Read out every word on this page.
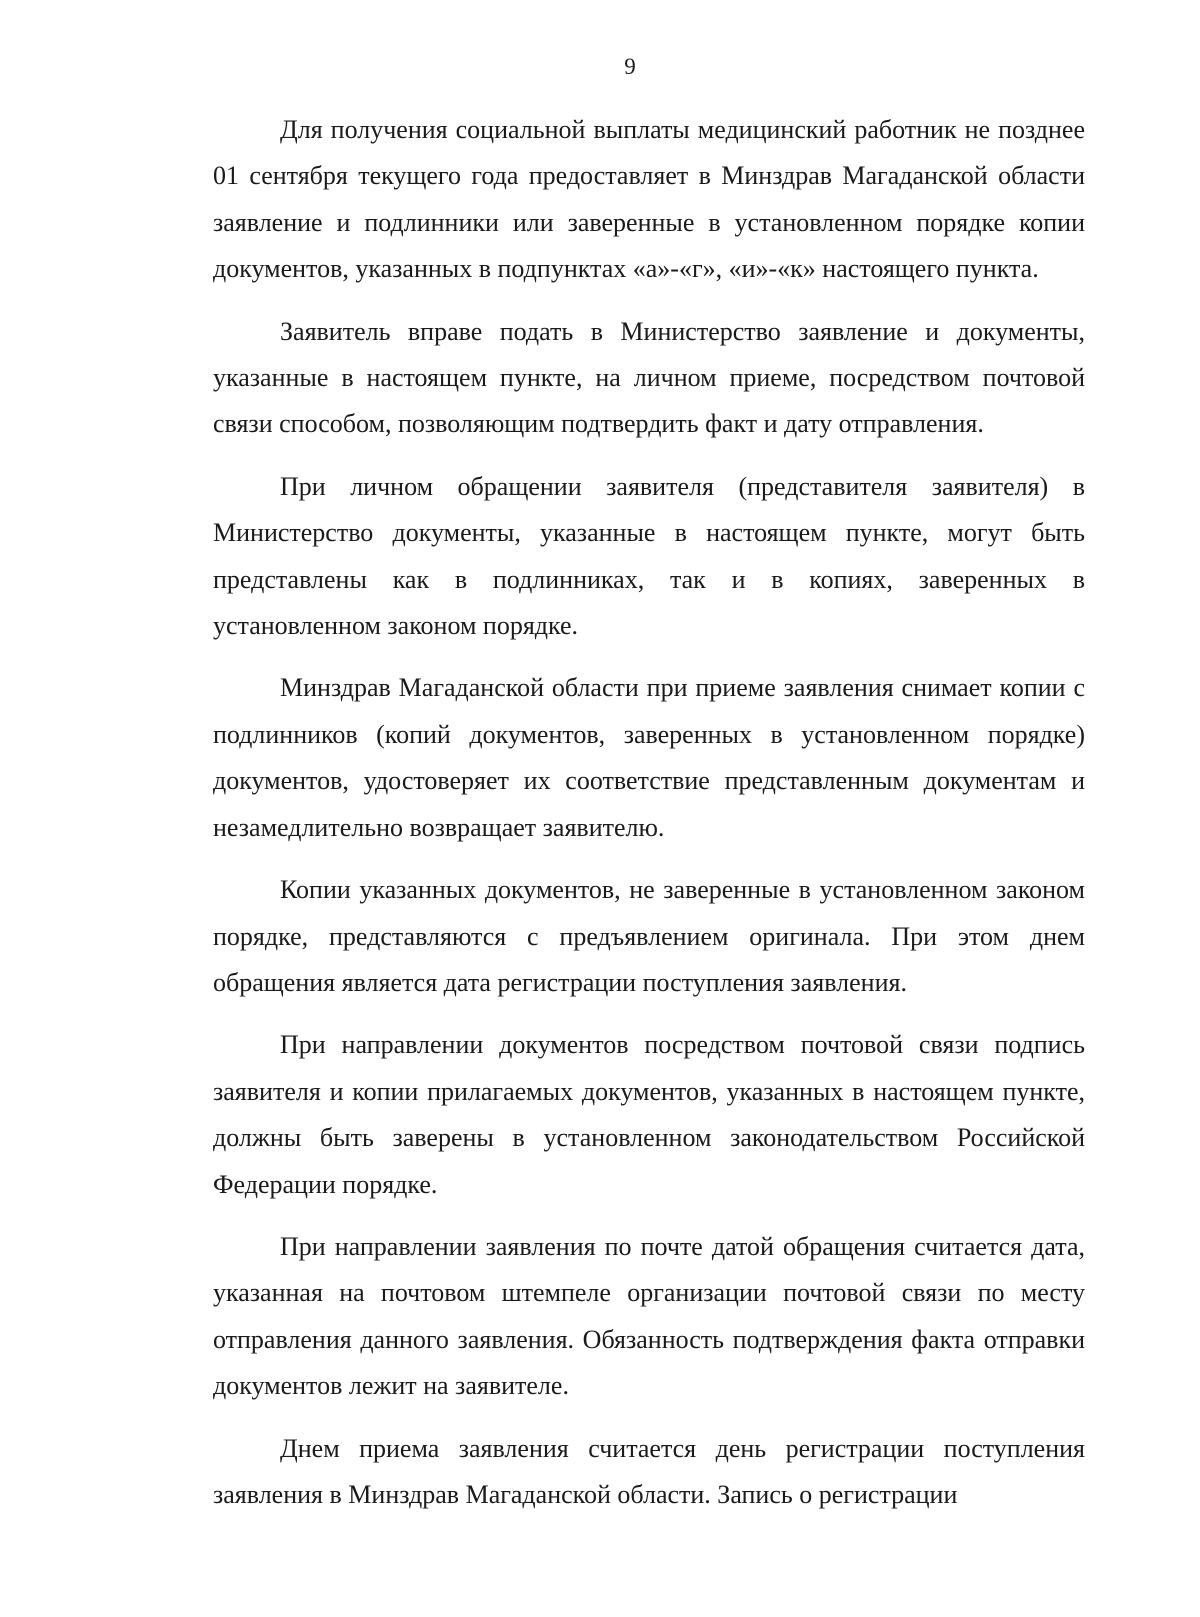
9

Для получения социальной выплаты медицинский работник не позднее 01 сентября текущего года предоставляет в Минздрав Магаданской области заявление и подлинники или заверенные в установленном порядке копии документов, указанных в подпунктах «а»-«г», «и»-«к» настоящего пункта.

Заявитель вправе подать в Министерство заявление и документы, указанные в настоящем пункте, на личном приеме, посредством почтовой связи способом, позволяющим подтвердить факт и дату отправления.

При личном обращении заявителя (представителя заявителя) в Министерство документы, указанные в настоящем пункте, могут быть представлены как в подлинниках, так и в копиях, заверенных в установленном законом порядке.

Минздрав Магаданской области при приеме заявления снимает копии с подлинников (копий документов, заверенных в установленном порядке) документов, удостоверяет их соответствие представленным документам и незамедлительно возвращает заявителю.

Копии указанных документов, не заверенные в установленном законом порядке, представляются с предъявлением оригинала. При этом днем обращения является дата регистрации поступления заявления.

При направлении документов посредством почтовой связи подпись заявителя и копии прилагаемых документов, указанных в настоящем пункте, должны быть заверены в установленном законодательством Российской Федерации порядке.

При направлении заявления по почте датой обращения считается дата, указанная на почтовом штемпеле организации почтовой связи по месту отправления данного заявления. Обязанность подтверждения факта отправки документов лежит на заявителе.

Днем приема заявления считается день регистрации поступления заявления в Минздрав Магаданской области. Запись о регистрации
